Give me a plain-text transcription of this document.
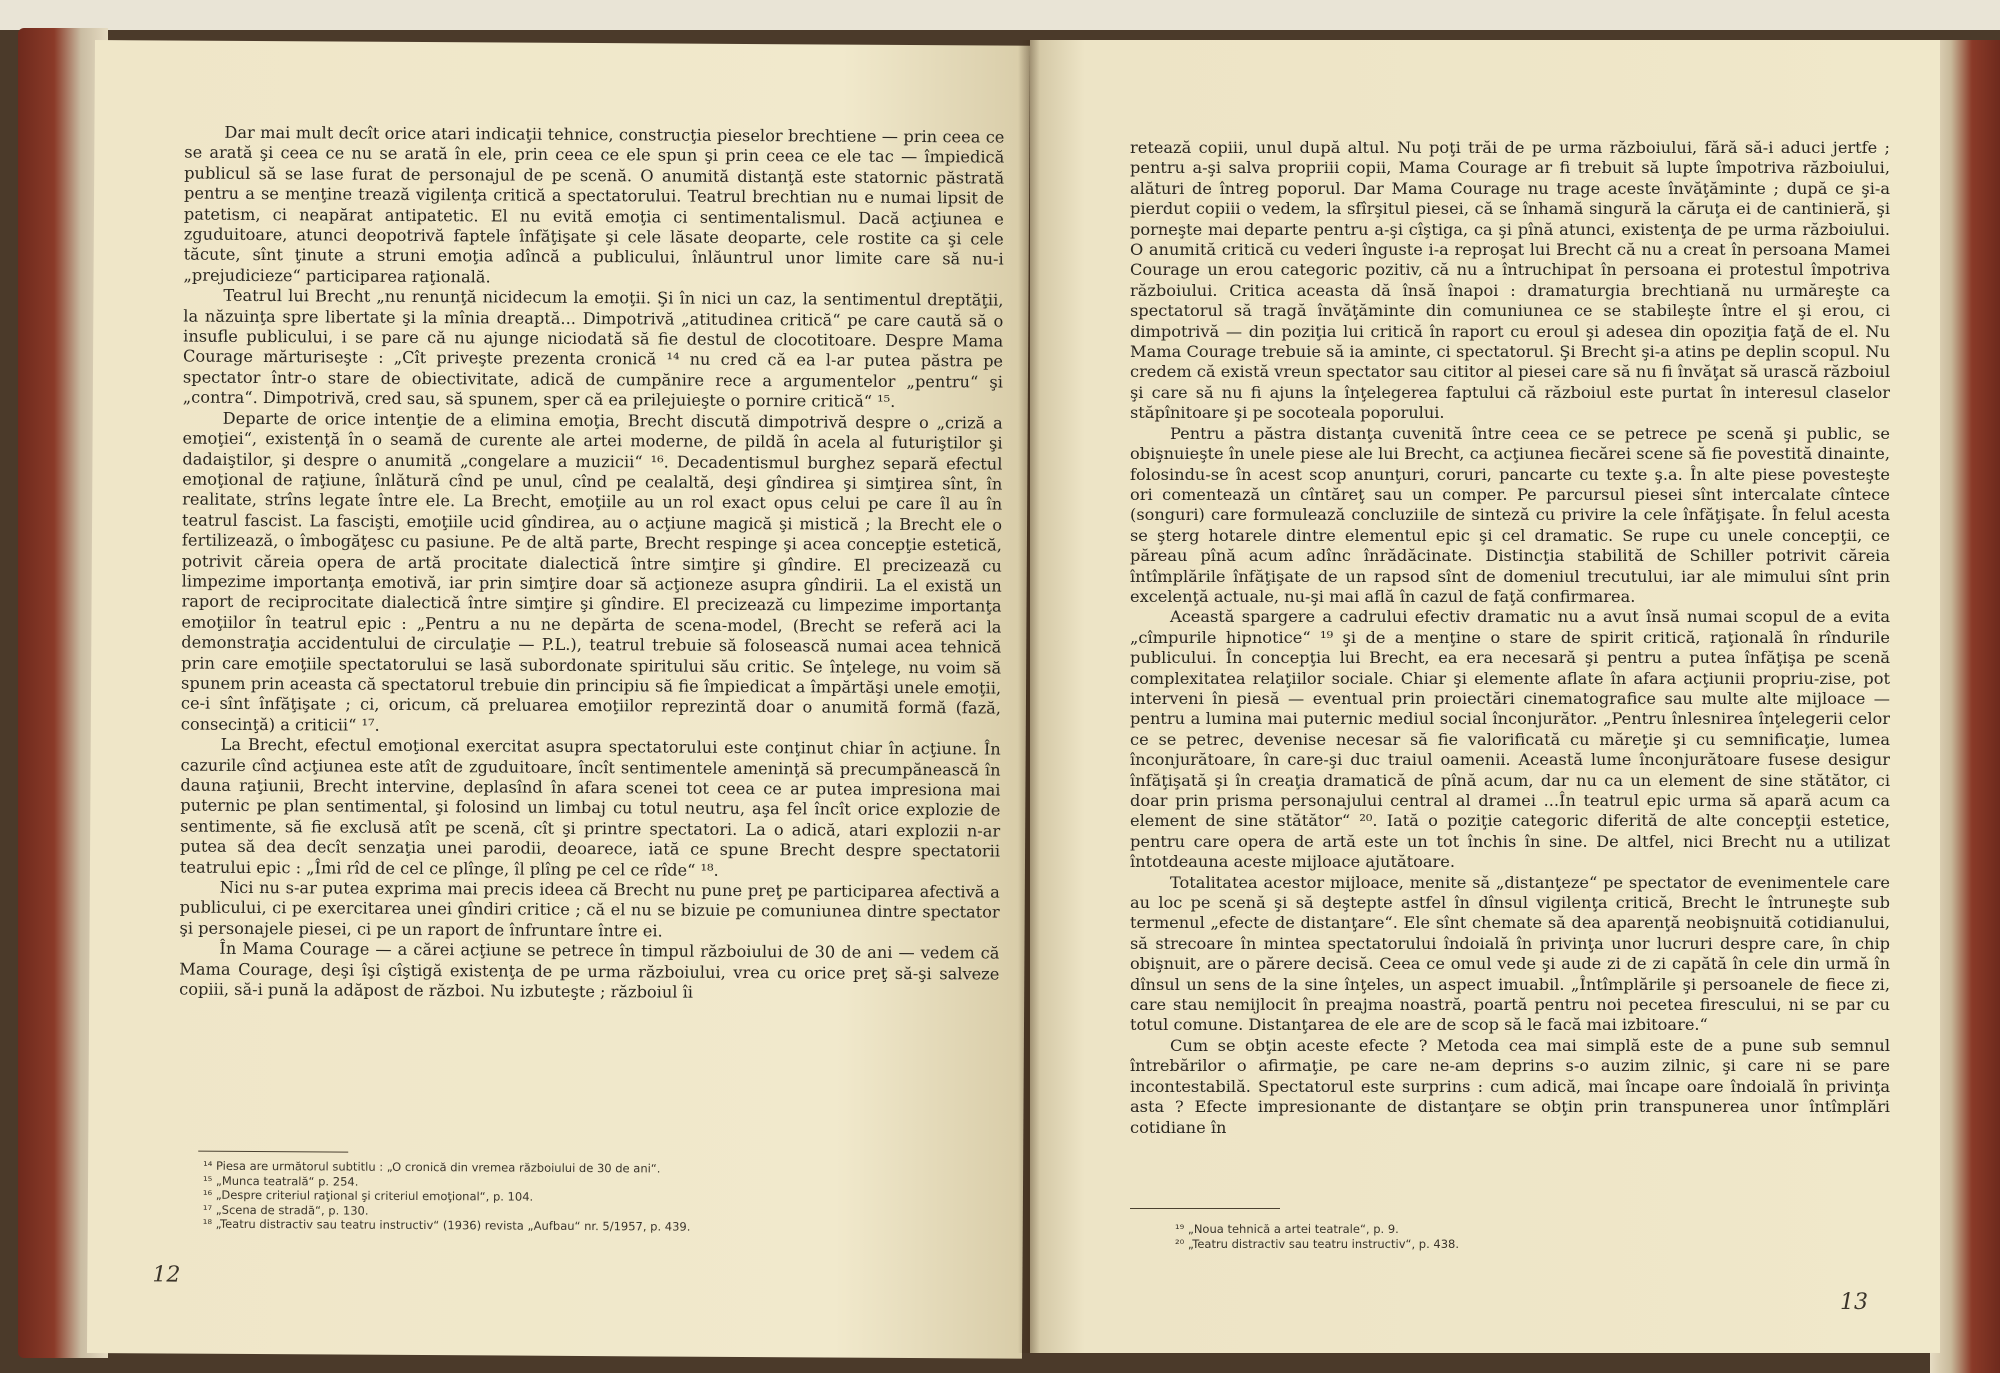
Dar mai mult decît orice atari indicaţii tehnice, construcţia pieselor brechtiene — prin ceea ce se arată şi ceea ce nu se arată în ele, prin ceea ce ele spun şi prin ceea ce ele tac — împiedică publicul să se lase furat de personajul de pe scenă. O anumită distanţă este statornic păstrată pentru a se menţine trează vigilenţa critică a spectatorului. Teatrul brechtian nu e numai lipsit de patetism, ci neapărat antipatetic. El nu evită emoţia ci sentimentalismul. Dacă acţiunea e zguduitoare, atunci deopotrivă faptele înfăţişate şi cele lăsate deoparte, cele rostite ca şi cele tăcute, sînt ţinute a struni emoţia adîncă a publicului, înlăuntrul unor limite care să nu-i „prejudicieze“ participarea raţională.

Teatrul lui Brecht „nu renunţă nicidecum la emoţii. Şi în nici un caz, la sentimentul dreptăţii, la năzuinţa spre libertate şi la mînia dreaptă... Dimpotrivă „atitudinea critică“ pe care caută să o insufle publicului, i se pare că nu ajunge niciodată să fie destul de clocotitoare. Despre Mama Courage mărturiseşte : „Cît priveşte prezenta cronică ¹⁴ nu cred că ea l-ar putea păstra pe spectator într-o stare de obiectivitate, adică de cumpănire rece a argumentelor „pentru“ şi „contra“. Dimpotrivă, cred sau, să spunem, sper că ea prilejuieşte o pornire critică“ ¹⁵.

Departe de orice intenţie de a elimina emoţia, Brecht discută dimpotrivă despre o „criză a emoţiei“, existenţă în o seamă de curente ale artei moderne, de pildă în acela al futuriştilor şi dadaiştilor, şi despre o anumită „congelare a muzicii“ ¹⁶. Decadentismul burghez separă efectul emoţional de raţiune, înlătură cînd pe unul, cînd pe cealaltă, deşi gîndirea şi simţirea sînt, în realitate, strîns legate între ele. La Brecht, emoţiile au un rol exact opus celui pe care îl au în teatrul fascist. La fascişti, emoţiile ucid gîndirea, au o acţiune magică şi mistică ; la Brecht ele o fertilizează, o îmbogăţesc cu pasiune. Pe de altă parte, Brecht respinge şi acea concepţie estetică, potrivit căreia opera de artă procitate dialectică între simţire şi gîndire. El precizează cu limpezime importanţa emotivă, iar prin simţire doar să acţioneze asupra gîndirii. La el există un raport de reciprocitate dialectică între simţire şi gîndire. El precizează cu limpezime importanţa emoţiilor în teatrul epic : „Pentru a nu ne depărta de scena-model, (Brecht se referă aci la demonstraţia accidentului de circulaţie — P.L.), teatrul trebuie să folosească numai acea tehnică prin care emoţiile spectatorului se lasă subordonate spiritului său critic. Se înţelege, nu voim să spunem prin aceasta că spectatorul trebuie din principiu să fie împiedicat a împărtăşi unele emoţii, ce-i sînt înfăţişate ; ci, oricum, că preluarea emoţiilor reprezintă doar o anumită formă (fază, consecinţă) a criticii“ ¹⁷.

La Brecht, efectul emoţional exercitat asupra spectatorului este conţinut chiar în acţiune. În cazurile cînd acţiunea este atît de zguduitoare, încît sentimentele ameninţă să precumpănească în dauna raţiunii, Brecht intervine, deplasînd în afara scenei tot ceea ce ar putea impresiona mai puternic pe plan sentimental, şi folosind un limbaj cu totul neutru, aşa fel încît orice explozie de sentimente, să fie exclusă atît pe scenă, cît şi printre spectatori. La o adică, atari explozii n-ar putea să dea decît senzaţia unei parodii, deoarece, iată ce spune Brecht despre spectatorii teatrului epic : „Îmi rîd de cel ce plînge, îl plîng pe cel ce rîde“ ¹⁸.

Nici nu s-ar putea exprima mai precis ideea că Brecht nu pune preţ pe participarea afectivă a publicului, ci pe exercitarea unei gîndiri critice ; că el nu se bizuie pe comuniunea dintre spectator şi personajele piesei, ci pe un raport de înfruntare între ei.

În Mama Courage — a cărei acţiune se petrece în timpul războiului de 30 de ani — vedem că Mama Courage, deşi îşi cîştigă existenţa de pe urma războiului, vrea cu orice preţ să-şi salveze copiii, să-i pună la adăpost de război. Nu izbuteşte ; războiul îi

¹⁴ Piesa are următorul subtitlu : „O cronică din vremea războiului de 30 de ani“.
¹⁵ „Munca teatrală“ p. 254.
¹⁶ „Despre criteriul raţional şi criteriul emoţional“, p. 104.
¹⁷ „Scena de stradă“, p. 130.
¹⁸ „Teatru distractiv sau teatru instructiv“ (1936) revista „Aufbau“ nr. 5/1957, p. 439.
12

retează copiii, unul după altul. Nu poţi trăi de pe urma războiului, fără să-i aduci jertfe ; pentru a-şi salva propriii copii, Mama Courage ar fi trebuit să lupte împotriva războiului, alături de întreg poporul. Dar Mama Courage nu trage aceste învăţăminte ; după ce şi-a pierdut copiii o vedem, la sfîrşitul piesei, că se înhamă singură la căruţa ei de cantinieră, şi porneşte mai departe pentru a-şi cîştiga, ca şi pînă atunci, existenţa de pe urma războiului. O anumită critică cu vederi înguste i-a reproşat lui Brecht că nu a creat în persoana Mamei Courage un erou categoric pozitiv, că nu a întruchipat în persoana ei protestul împotriva războiului. Critica aceasta dă însă înapoi : dramaturgia brechtiană nu urmăreşte ca spectatorul să tragă învăţăminte din comuniunea ce se stabileşte între el şi erou, ci dimpotrivă — din poziţia lui critică în raport cu eroul şi adesea din opoziţia faţă de el. Nu Mama Courage trebuie să ia aminte, ci spectatorul. Şi Brecht şi-a atins pe deplin scopul. Nu credem că există vreun spectator sau cititor al piesei care să nu fi învăţat să urască războiul şi care să nu fi ajuns la înţelegerea faptului că războiul este purtat în interesul claselor stăpînitoare şi pe socoteala poporului.

Pentru a păstra distanţa cuvenită între ceea ce se petrece pe scenă şi public, se obişnuieşte în unele piese ale lui Brecht, ca acţiunea fiecărei scene să fie povestită dinainte, folosindu-se în acest scop anunţuri, coruri, pancarte cu texte ş.a. În alte piese povesteşte ori comentează un cîntăreţ sau un comper. Pe parcursul piesei sînt intercalate cîntece (songuri) care formulează concluziile de sinteză cu privire la cele înfăţişate. În felul acesta se şterg hotarele dintre elementul epic şi cel dramatic. Se rupe cu unele concepţii, ce păreau pînă acum adînc înrădăcinate. Distincţia stabilită de Schiller potrivit căreia întîmplările înfăţişate de un rapsod sînt de domeniul trecutului, iar ale mimului sînt prin excelenţă actuale, nu-şi mai află în cazul de faţă confirmarea.

Această spargere a cadrului efectiv dramatic nu a avut însă numai scopul de a evita „cîmpurile hipnotice“ ¹⁹ şi de a menţine o stare de spirit critică, raţională în rîndurile publicului. În concepţia lui Brecht, ea era necesară şi pentru a putea înfăţişa pe scenă complexitatea relaţiilor sociale. Chiar şi elemente aflate în afara acţiunii propriu-zise, pot interveni în piesă — eventual prin proiectări cinematografice sau multe alte mijloace — pentru a lumina mai puternic mediul social înconjurător. „Pentru înlesnirea înţelegerii celor ce se petrec, devenise necesar să fie valorificată cu măreţie şi cu semnificaţie, lumea înconjurătoare, în care-şi duc traiul oamenii. Această lume înconjurătoare fusese desigur înfăţişată şi în creaţia dramatică de pînă acum, dar nu ca un element de sine stătător, ci doar prin prisma personajului central al dramei ...În teatrul epic urma să apară acum ca element de sine stătător“ ²⁰. Iată o poziţie categoric diferită de alte concepţii estetice, pentru care opera de artă este un tot închis în sine. De altfel, nici Brecht nu a utilizat întotdeauna aceste mijloace ajutătoare.

Totalitatea acestor mijloace, menite să „distanţeze“ pe spectator de evenimentele care au loc pe scenă şi să deştepte astfel în dînsul vigilenţa critică, Brecht le întruneşte sub termenul „efecte de distanţare“. Ele sînt chemate să dea aparenţă neobişnuită cotidianului, să strecoare în mintea spectatorului îndoială în privinţa unor lucruri despre care, în chip obişnuit, are o părere decisă. Ceea ce omul vede şi aude zi de zi capătă în cele din urmă în dînsul un sens de la sine înţeles, un aspect imuabil. „Întîmplările şi persoanele de fiece zi, care stau nemijlocit în preajma noastră, poartă pentru noi pecetea firescului, ni se par cu totul comune. Distanţarea de ele are de scop să le facă mai izbitoare.“

Cum se obţin aceste efecte ? Metoda cea mai simplă este de a pune sub semnul întrebărilor o afirmaţie, pe care ne-am deprins s-o auzim zilnic, şi care ni se pare incontestabilă. Spectatorul este surprins : cum adică, mai încape oare îndoială în privinţa asta ? Efecte impresionante de distanţare se obţin prin transpunerea unor întîmplări cotidiane în

¹⁹ „Noua tehnică a artei teatrale“, p. 9.
²⁰ „Teatru distractiv sau teatru instructiv“, p. 438.
13
